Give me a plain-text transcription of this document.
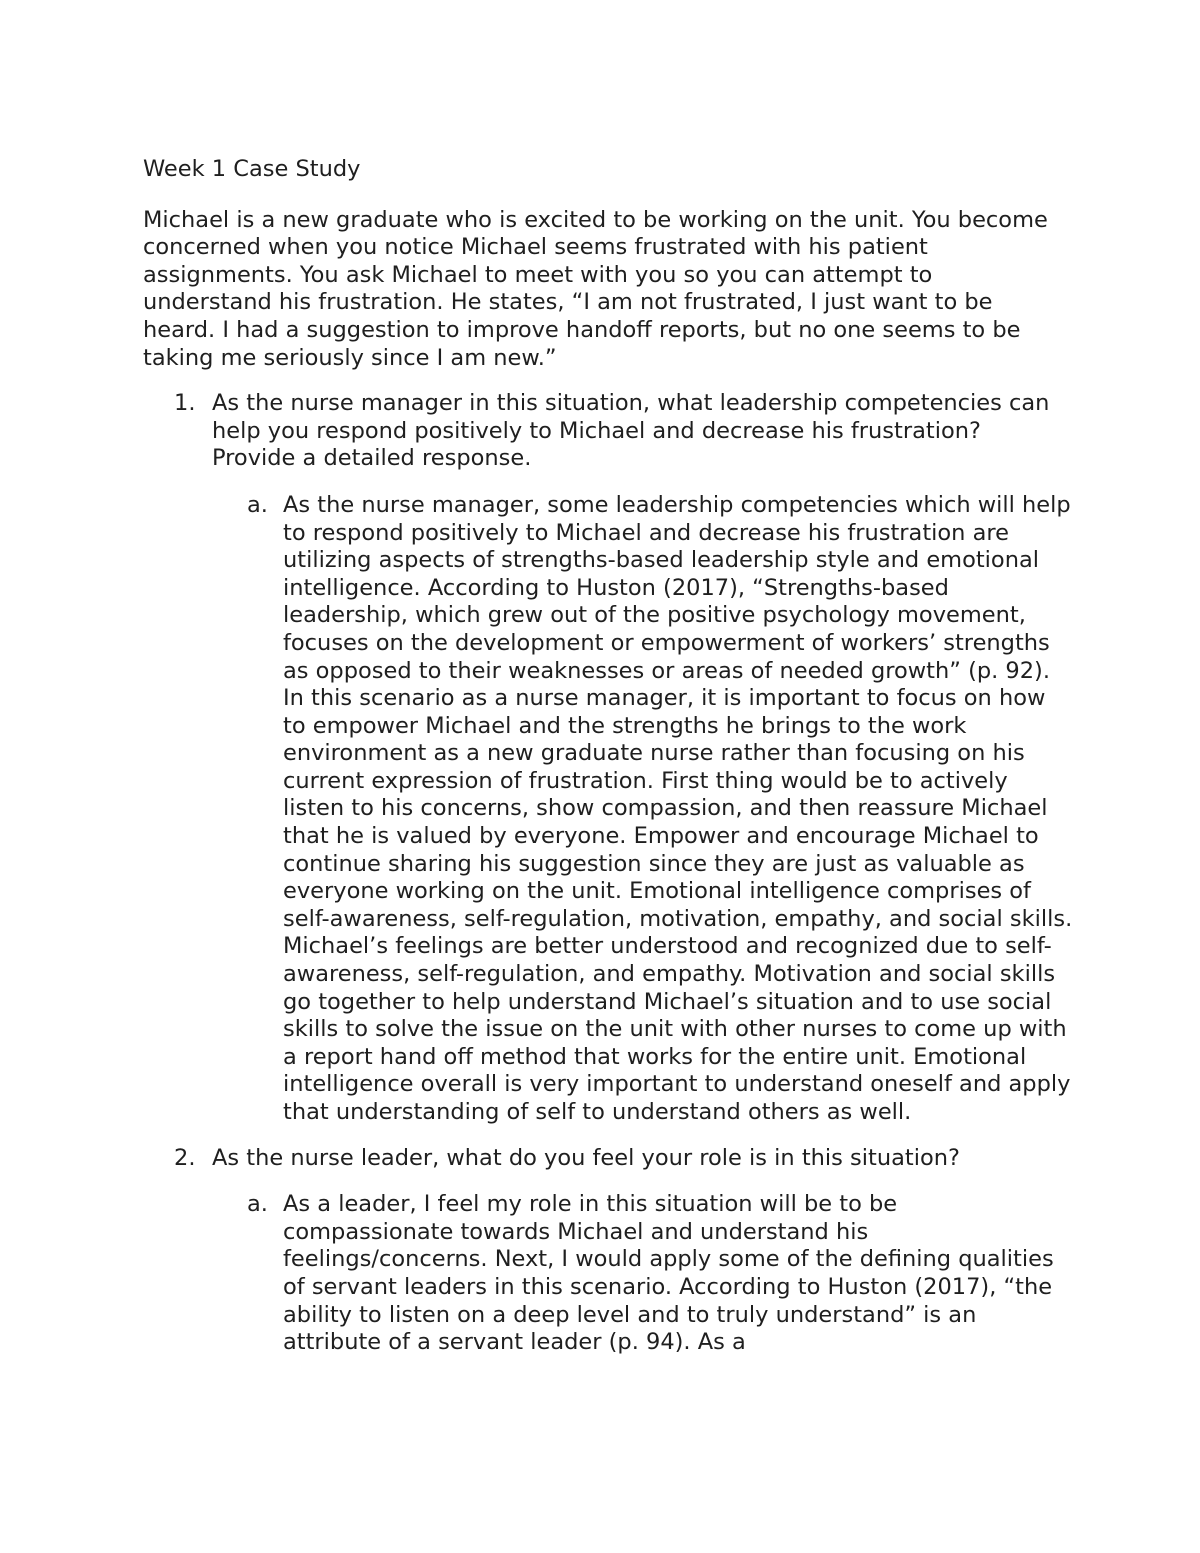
Week 1 Case Study
Michael is a new graduate who is excited to be working on the unit. You become concerned when you notice Michael seems frustrated with his patient assignments. You ask Michael to meet with you so you can attempt to understand his frustration. He states, “I am not frustrated, I just want to be heard. I had a suggestion to improve handoff reports, but no one seems to be taking me seriously since I am new.”
1. As the nurse manager in this situation, what leadership competencies can help you respond positively to Michael and decrease his frustration? Provide a detailed response.
a. As the nurse manager, some leadership competencies which will help to respond positively to Michael and decrease his frustration are utilizing aspects of strengths-based leadership style and emotional intelligence. According to Huston (2017), “Strengths-based leadership, which grew out of the positive psychology movement, focuses on the development or empowerment of workers’ strengths as opposed to their weaknesses or areas of needed growth” (p. 92). In this scenario as a nurse manager, it is important to focus on how to empower Michael and the strengths he brings to the work environment as a new graduate nurse rather than focusing on his current expression of frustration. First thing would be to actively listen to his concerns, show compassion, and then reassure Michael that he is valued by everyone. Empower and encourage Michael to continue sharing his suggestion since they are just as valuable as everyone working on the unit. Emotional intelligence comprises of self-awareness, self-regulation, motivation, empathy, and social skills. Michael’s feelings are better understood and recognized due to self-awareness, self-regulation, and empathy. Motivation and social skills go together to help understand Michael’s situation and to use social skills to solve the issue on the unit with other nurses to come up with a report hand off method that works for the entire unit. Emotional intelligence overall is very important to understand oneself and apply that understanding of self to understand others as well.
2. As the nurse leader, what do you feel your role is in this situation?
a. As a leader, I feel my role in this situation will be to be compassionate towards Michael and understand his feelings/concerns. Next, I would apply some of the defining qualities of servant leaders in this scenario. According to Huston (2017), “the ability to listen on a deep level and to truly understand” is an attribute of a servant leader (p. 94). As a
